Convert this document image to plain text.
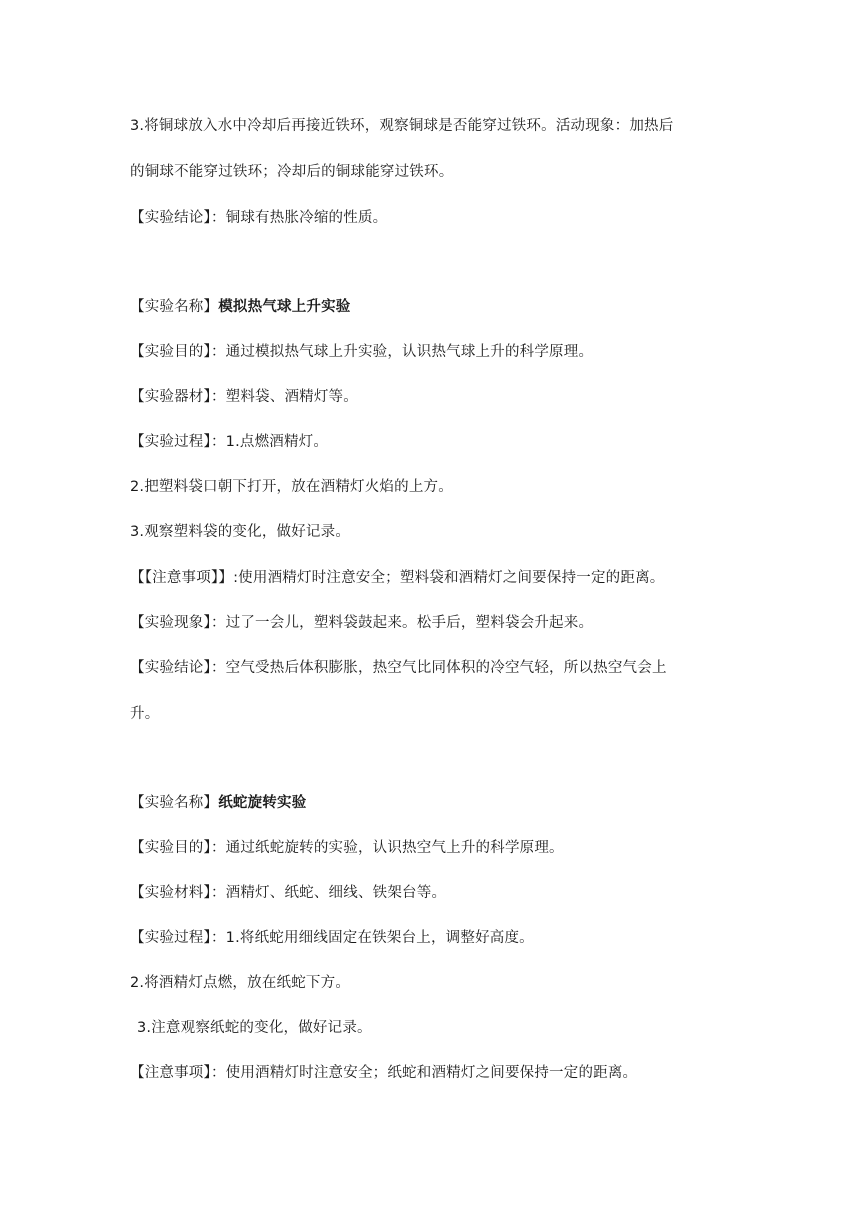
3.将铜球放入水中冷却后再接近铁环，观察铜球是否能穿过铁环。活动现象：加热后

的铜球不能穿过铁环；冷却后的铜球能穿过铁环。

【实验结论】：铜球有热胀冷缩的性质。

【实验名称】模拟热气球上升实验

【实验目的】：通过模拟热气球上升实验，认识热气球上升的科学原理。

【实验器材】：塑料袋、酒精灯等。

【实验过程】：1.点燃酒精灯。

2.把塑料袋口朝下打开，放在酒精灯火焰的上方。

3.观察塑料袋的变化，做好记录。

【【注意事项】】:使用酒精灯时注意安全；塑料袋和酒精灯之间要保持一定的距离。

【实验现象】：过了一会儿，塑料袋鼓起来。松手后，塑料袋会升起来。

【实验结论】：空气受热后体积膨胀，热空气比同体积的冷空气轻，所以热空气会上

升。

【实验名称】纸蛇旋转实验

【实验目的】：通过纸蛇旋转的实验，认识热空气上升的科学原理。

【实验材料】：酒精灯、纸蛇、细线、铁架台等。

【实验过程】：1.将纸蛇用细线固定在铁架台上，调整好高度。

2.将酒精灯点燃，放在纸蛇下方。

3.注意观察纸蛇的变化，做好记录。

【注意事项】：使用酒精灯时注意安全；纸蛇和酒精灯之间要保持一定的距离。
